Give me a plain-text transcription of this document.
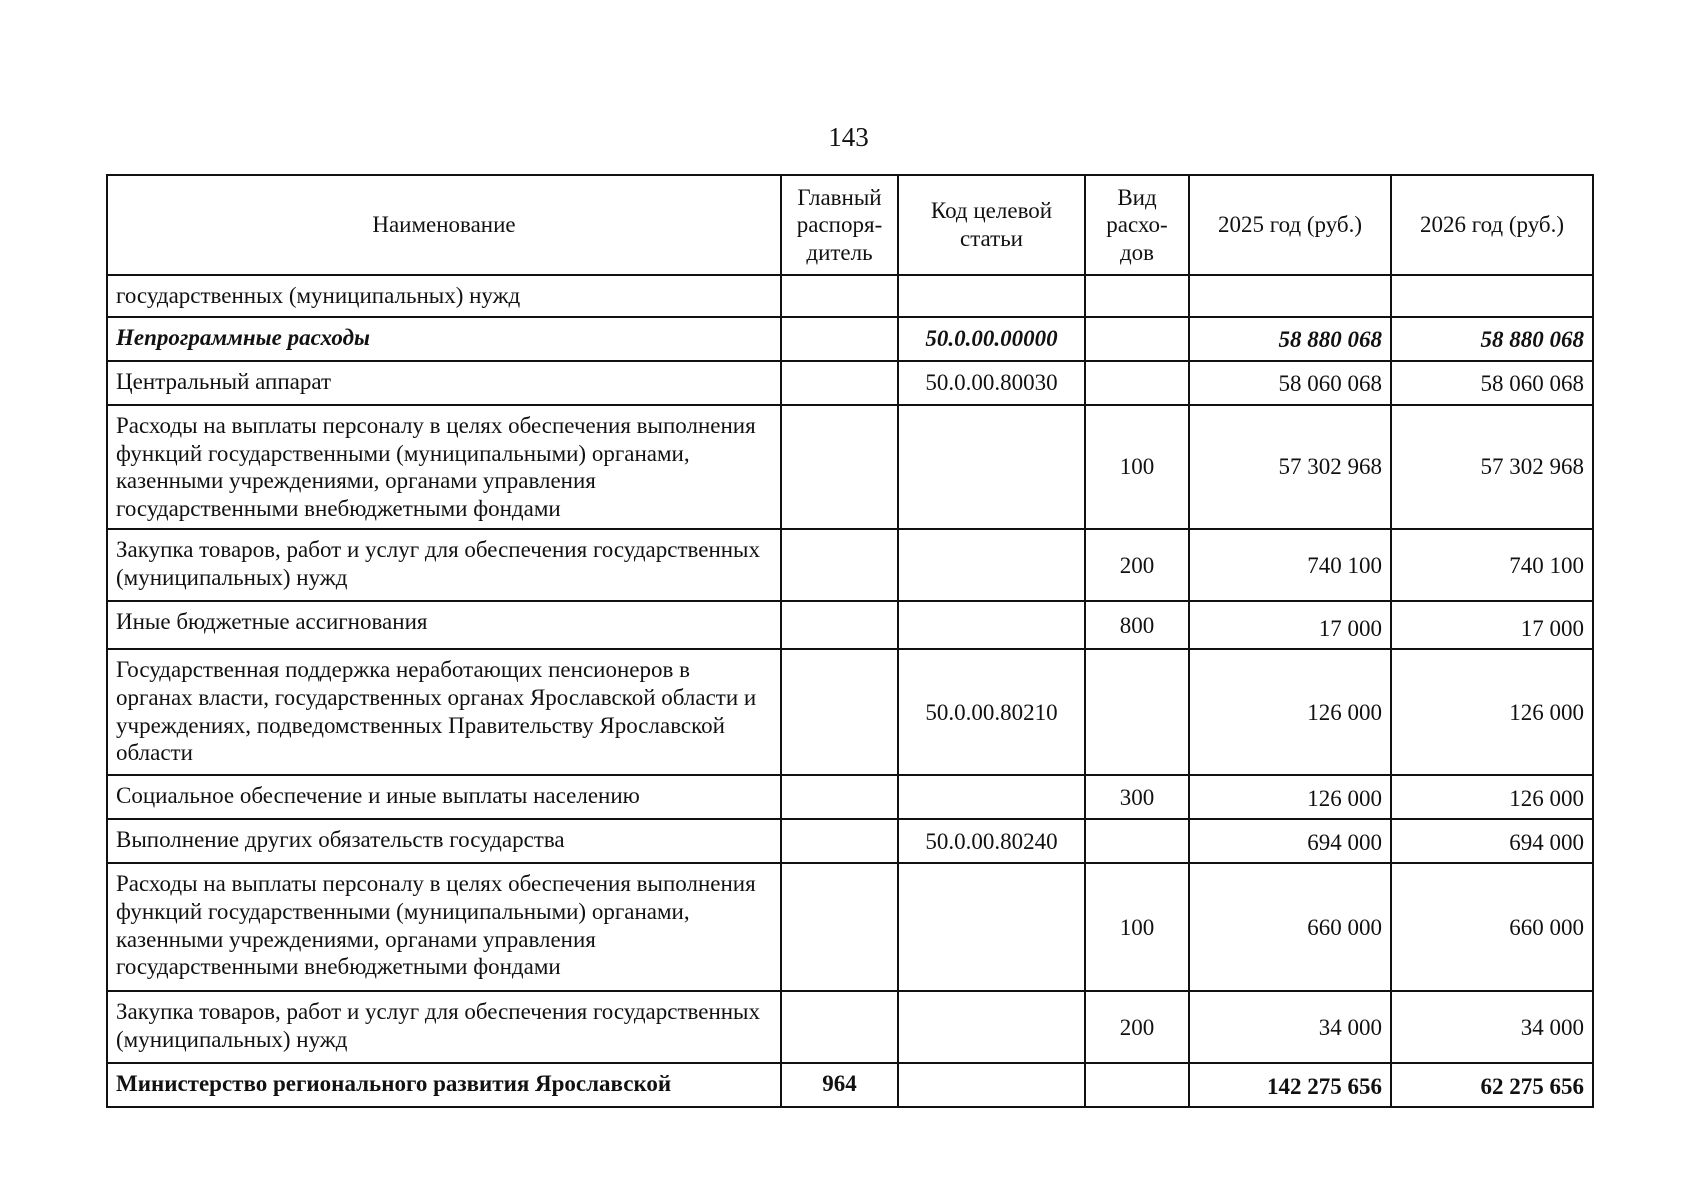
143
Наименование	Главный распоря-дитель	Код целевой статьи	Вид расхо-дов	2025 год (руб.)	2026 год (руб.)
государственных (муниципальных) нужд					
Непрограммные расходы		50.0.00.00000		58 880 068	58 880 068
Центральный аппарат		50.0.00.80030		58 060 068	58 060 068
Расходы на выплаты персоналу в целях обеспечения выполнения функций государственными (муниципальными) органами, казенными учреждениями, органами управления государственными внебюджетными фондами			100	57 302 968	57 302 968
Закупка товаров, работ и услуг для обеспечения государственных (муниципальных) нужд			200	740 100	740 100
Иные бюджетные ассигнования			800	17 000	17 000
Государственная поддержка неработающих пенсионеров в органах власти, государственных органах Ярославской области и учреждениях, подведомственных Правительству Ярославской области		50.0.00.80210		126 000	126 000
Социальное обеспечение и иные выплаты населению			300	126 000	126 000
Выполнение других обязательств государства		50.0.00.80240		694 000	694 000
Расходы на выплаты персоналу в целях обеспечения выполнения функций государственными (муниципальными) органами, казенными учреждениями, органами управления государственными внебюджетными фондами			100	660 000	660 000
Закупка товаров, работ и услуг для обеспечения государственных (муниципальных) нужд			200	34 000	34 000
Министерство регионального развития Ярославской	964			142 275 656	62 275 656
